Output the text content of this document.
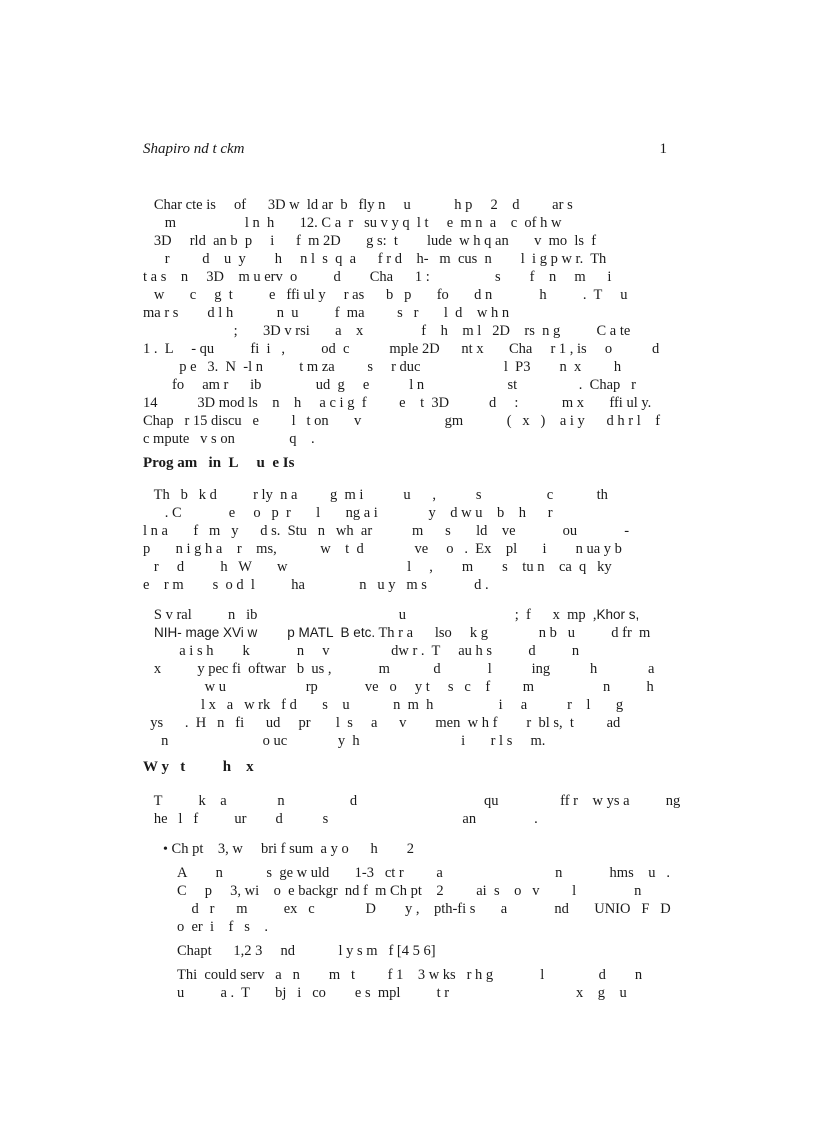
Shapiro nd t ckm	1
Char cte is     of      3D w  ld ar  b   fly n     u            h p     2    d         ar s
m                   l n  h       12. C a  r   su v y q  l t     e  m n  a    c  of h w
3D     rld  an b  p     i      f  m 2D       g s:  t        lude  w h q an       v  mo  ls  f
r         d    u  y        h     n l  s  q  a      f r d    h-   m  cus  n        l  i g p w r.  Th
t a s    n     3D    m u erv  o          d        Cha      1 :                  s        f    n     m      i
w       c     g  t          e   ffi ul y     r as      b   p       fo       d n             h          .  T     u
ma r s        d l h            n  u          f  ma         s   r       l  d    w h n
;       3D v rsi       a    x                f    h    m l   2D    rs  n g          C a te
1 .  L     - qu          fi  i   ,          od  c           mple 2D      nt x       Cha     r 1 , is     o           d
p e   3.  N  -l n          t m za         s     r duc                       l  P3        n  x         h
fo     am r      ib               ud  g     e           l n                       st                 .  Chap   r
14           3D mod ls    n    h     a c i g  f         e    t  3D           d     :            m x       ffi ul y.
Chap   r 15 discu   e         l   t on       v                       gm            (   x   )    a i y      d h r l    f
c mpute   v s on               q    .
Prog am   in  L     u  e Is
Th   b   k d          r ly  n a         g  m i           u      ,           s                  c            th
. C             e     o   p  r       l       ng a i              y    d w u    b    h      r
l n a       f   m   y      d s.  Stu   n   wh  ar           m      s       ld    ve             ou             -
p       n i g h a    r    ms,            w    t  d              ve     o   .  Ex    pl       i        n ua y b
r     d          h   W       w                                 l     ,        m        s    tu n    ca  q   ky
e    r m        s  o d  l          ha               n   u y   m s             d .
S v ral          n   ib                                       u                              ;  f      x  mp  ,Khor s,
NIH- mage XVi w        p MATL  B etc. Th r a      lso     k g              n b   u          d fr  m
a i s h        k             n     v                 dw r .  T     au h s          d          n
x          y pec fi  oftwar   b  us ,             m            d             l           ing           h              a
w u                      rp             ve   o     y t     s   c    f         m                   n          h
l x   a   w rk   f d       s    u            n  m  h                  i     a           r    l       g
ys      .  H   n   fi      ud     pr       l  s     a      v        men  w h f        r  bl s,  t         ad
n                          o uc              y  h                            i       r l s     m.
W y   t          h    x
T          k    a              n                  d                                   qu                 ff r    w ys a          ng
he   l   f          ur        d           s                                     an                .
• Ch pt    3, w     bri f sum  a y o      h        2
A        n            s  ge w uld       1-3   ct r         a                               n             hms    u   .
C     p     3, wi    o  e backgr  nd f  m Ch pt    2         ai  s    o   v         l                n
d   r      m          ex   c              D        y ,    pth-fi s       a             nd       UNIO   F   D
o  er  i    f   s    .
Chapt      1,2 3     nd            l y s m   f [4 5 6]
Thi  could serv   a   n        m   t         f 1    3 w ks   r h g             l               d        n
u          a .  T       bj   i   co        e s  mpl          t r                                   x    g    u
